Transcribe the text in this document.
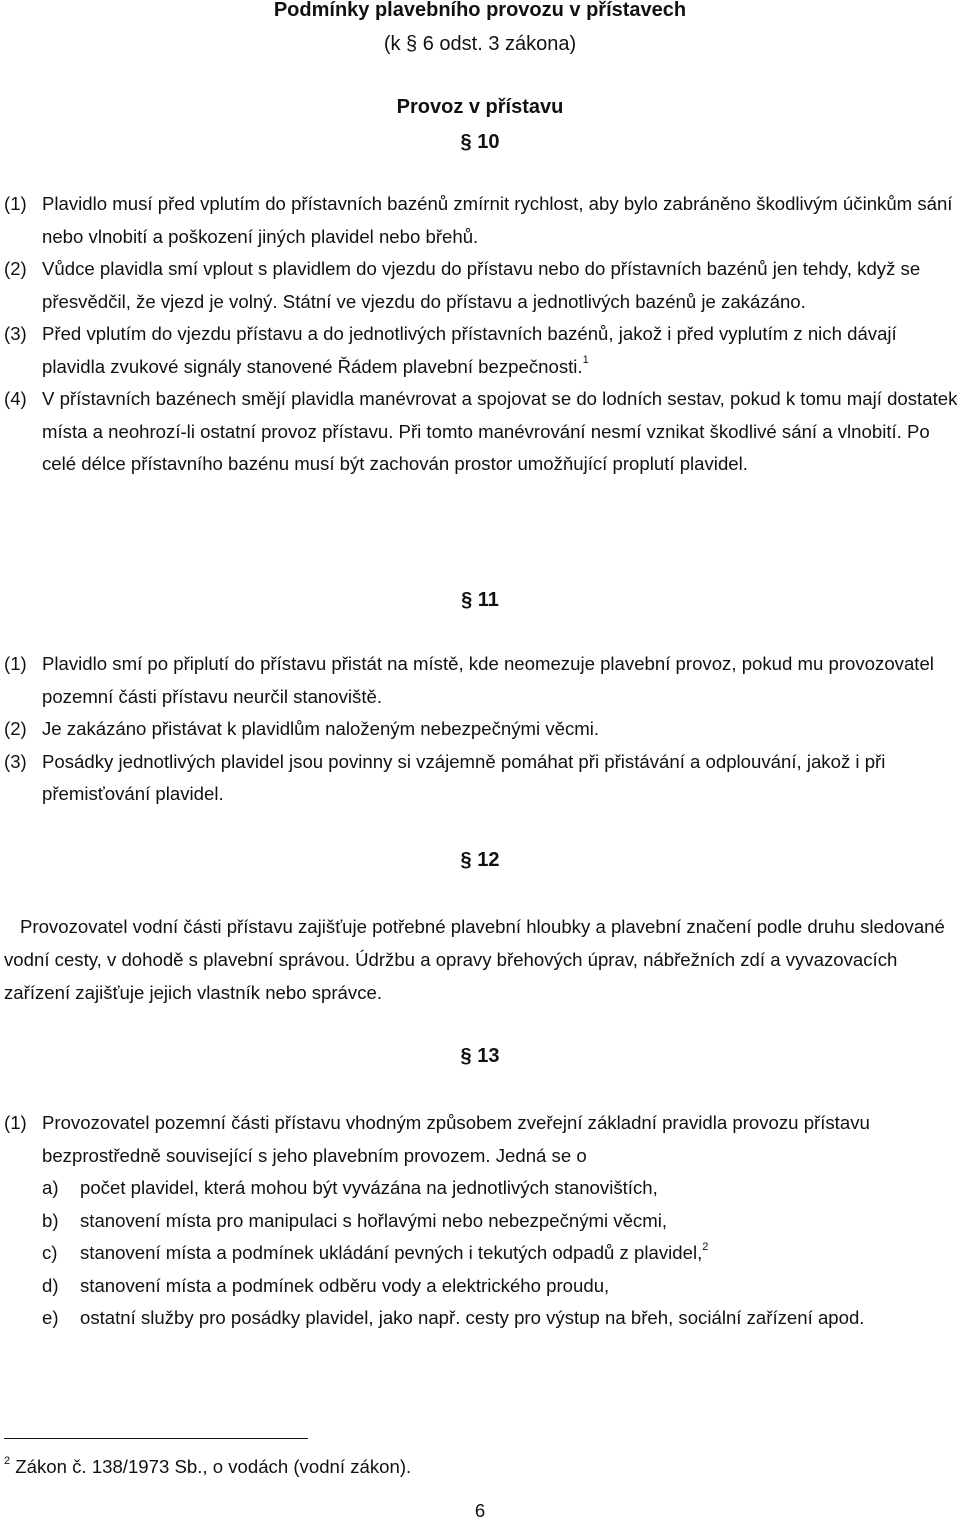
Podmínky plavebního provozu v přístavech
(k § 6 odst. 3 zákona)
Provoz v přístavu
§ 10
(1) Plavidlo musí před vplutím do přístavních bazénů zmírnit rychlost, aby bylo zabráněno škodlivým účinkům sání nebo vlnobití a poškození jiných plavidel nebo břehů.
(2) Vůdce plavidla smí vplout s plavidlem do vjezdu do přístavu nebo do přístavních bazénů jen tehdy, když se přesvědčil, že vjezd je volný. Státní ve vjezdu do přístavu a jednotlivých bazénů je zakázáno.
(3) Před vplutím do vjezdu přístavu a do jednotlivých přístavních bazénů, jakož i před vyplutím z nich dávají plavidla zvukové signály stanovené Řádem plavební bezpečnosti.$^1$
(4) V přístavních bazénech smějí plavidla manévrovat a spojovat se do lodních sestav, pokud k tomu mají dostatek místa a neohrozí-li ostatní provoz přístavu. Při tomto manévrování nesmí vznikat škodlivé sání a vlnobití. Po celé délce přístavního bazénu musí být zachován prostor umožňující proplutí plavidel.
§ 11
(1) Plavidlo smí po připlutí do přístavu přistát na místě, kde neomezuje plavební provoz, pokud mu provozovatel pozemní části přístavu neurčil stanoviště.
(2) Je zakázáno přistávat k plavidlům naloženým nebezpečnými věcmi.
(3) Posádky jednotlivých plavidel jsou povinny si vzájemně pomáhat při přistávání a odplouvání, jakož i při přemisťování plavidel.
§ 12
Provozovatel vodní části přístavu zajišťuje potřebné plavební hloubky a plavební značení podle druhu sledované vodní cesty, v dohodě s plavební správou. Údržbu a opravy břehových úprav, nábřežních zdí a vyvazovacích zařízení zajišťuje jejich vlastník nebo správce.
§ 13
(1) Provozovatel pozemní části přístavu vhodným způsobem zveřejní základní pravidla provozu přístavu bezprostředně související s jeho plavebním provozem. Jedná se o
a) počet plavidel, která mohou být vyvázána na jednotlivých stanovištích,
b) stanovení místa pro manipulaci s hořlavými nebo nebezpečnými věcmi,
c) stanovení místa a podmínek ukládání pevných i tekutých odpadů z plavidel,$^2$
d) stanovení místa a podmínek odběru vody a elektrického proudu,
e) ostatní služby pro posádky plavidel, jako např. cesty pro výstup na břeh, sociální zařízení apod.
$^2$ Zákon č. 138/1973 Sb., o vodách (vodní zákon).
6
